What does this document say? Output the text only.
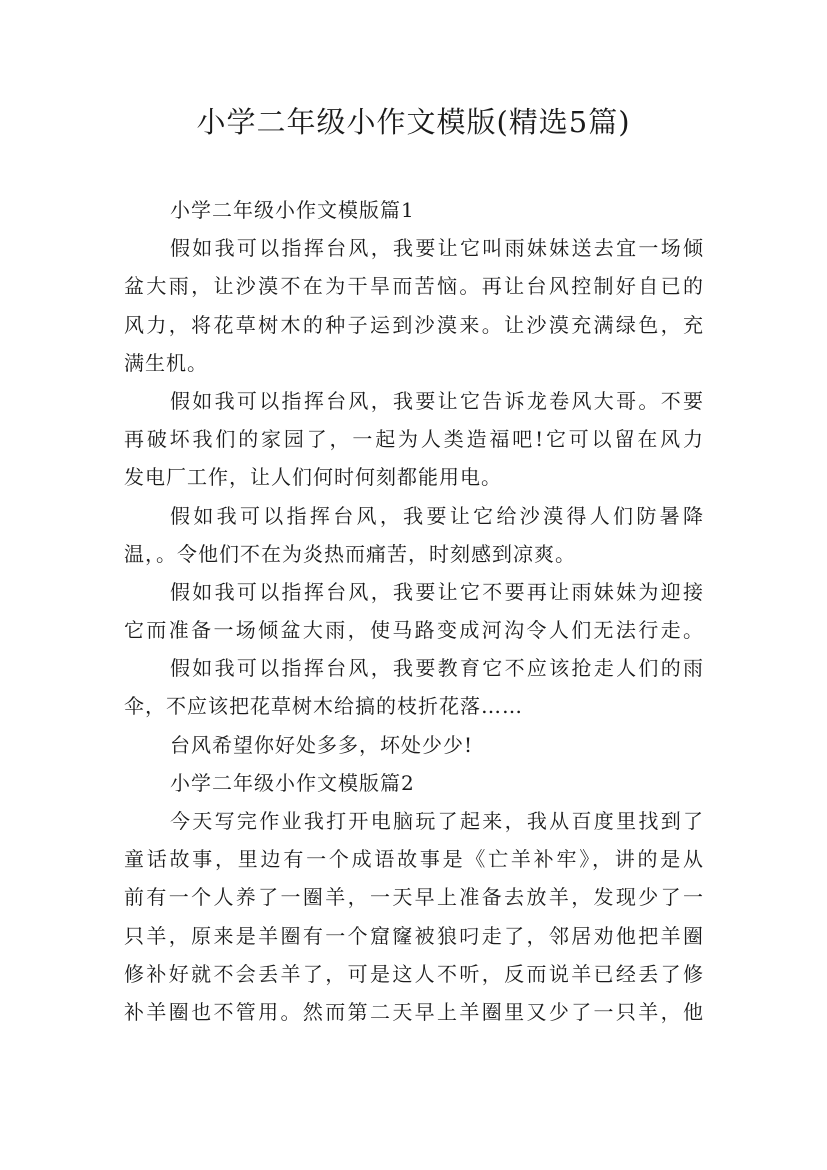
小学二年级小作文模版(精选5篇)
小学二年级小作文模版篇1
假如我可以指挥台风，我要让它叫雨妹妹送去宜一场倾
盆大雨，让沙漠不在为干旱而苦恼。再让台风控制好自已的
风力，将花草树木的种子运到沙漠来。让沙漠充满绿色，充
满生机。
假如我可以指挥台风，我要让它告诉龙卷风大哥。不要
再破坏我们的家园了，一起为人类造福吧!它可以留在风力
发电厂工作，让人们何时何刻都能用电。
假如我可以指挥台风，我要让它给沙漠得人们防暑降
温，。令他们不在为炎热而痛苦，时刻感到凉爽。
假如我可以指挥台风，我要让它不要再让雨妹妹为迎接
它而准备一场倾盆大雨，使马路变成河沟令人们无法行走。
假如我可以指挥台风，我要教育它不应该抢走人们的雨
伞，不应该把花草树木给搞的枝折花落……
台风希望你好处多多，坏处少少!
小学二年级小作文模版篇2
今天写完作业我打开电脑玩了起来，我从百度里找到了
童话故事，里边有一个成语故事是《亡羊补牢》，讲的是从
前有一个人养了一圈羊，一天早上准备去放羊，发现少了一
只羊，原来是羊圈有一个窟窿被狼叼走了，邻居劝他把羊圈
修补好就不会丢羊了，可是这人不听，反而说羊已经丢了修
补羊圈也不管用。然而第二天早上羊圈里又少了一只羊，他
